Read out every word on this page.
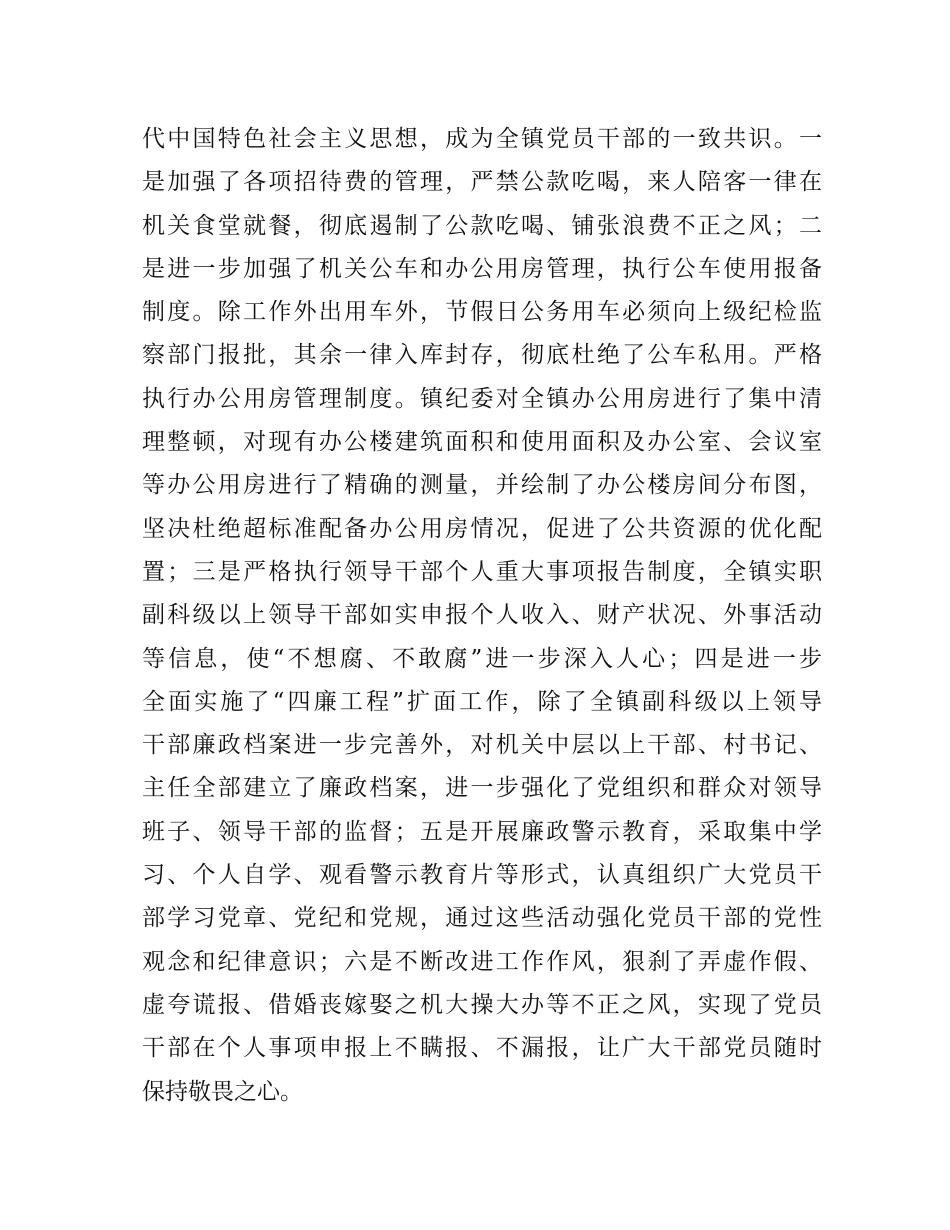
代中国特色社会主义思想，成为全镇党员干部的一致共识。一
是加强了各项招待费的管理，严禁公款吃喝，来人陪客一律在
机关食堂就餐，彻底遏制了公款吃喝、铺张浪费不正之风；二
是进一步加强了机关公车和办公用房管理，执行公车使用报备
制度。除工作外出用车外，节假日公务用车必须向上级纪检监
察部门报批，其余一律入库封存，彻底杜绝了公车私用。严格
执行办公用房管理制度。镇纪委对全镇办公用房进行了集中清
理整顿，对现有办公楼建筑面积和使用面积及办公室、会议室
等办公用房进行了精确的测量，并绘制了办公楼房间分布图，
坚决杜绝超标准配备办公用房情况，促进了公共资源的优化配
置；三是严格执行领导干部个人重大事项报告制度，全镇实职
副科级以上领导干部如实申报个人收入、财产状况、外事活动
等信息，使“不想腐、不敢腐”进一步深入人心；四是进一步
全面实施了“四廉工程”扩面工作，除了全镇副科级以上领导
干部廉政档案进一步完善外，对机关中层以上干部、村书记、
主任全部建立了廉政档案，进一步强化了党组织和群众对领导
班子、领导干部的监督；五是开展廉政警示教育，采取集中学
习、个人自学、观看警示教育片等形式，认真组织广大党员干
部学习党章、党纪和党规，通过这些活动强化党员干部的党性
观念和纪律意识；六是不断改进工作作风，狠刹了弄虚作假、
虚夸谎报、借婚丧嫁娶之机大操大办等不正之风，实现了党员
干部在个人事项申报上不瞒报、不漏报，让广大干部党员随时
保持敬畏之心。
